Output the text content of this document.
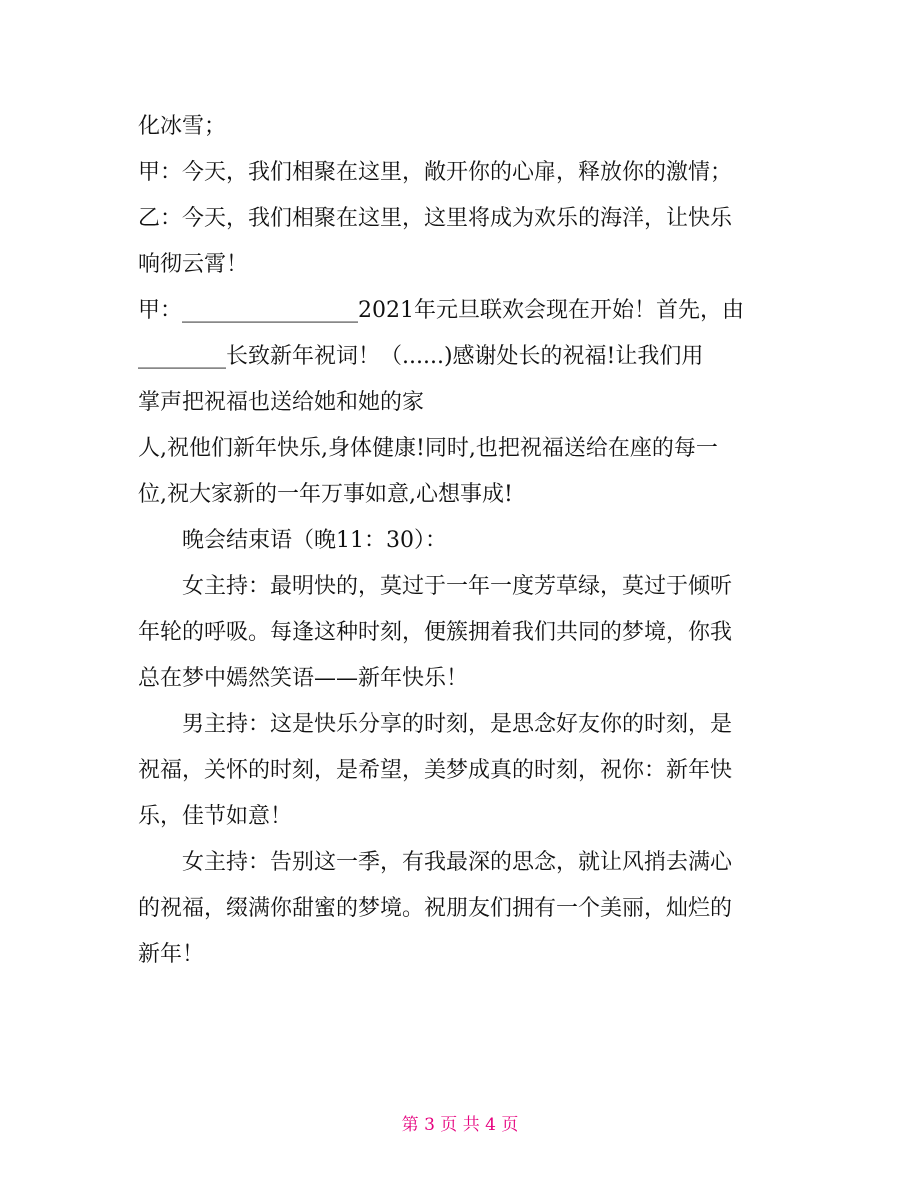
化冰雪；
甲：今天，我们相聚在这里，敞开你的心扉，释放你的激情；
乙：今天，我们相聚在这里，这里将成为欢乐的海洋，让快乐
响彻云霄！
甲：________________2021年元旦联欢会现在开始！首先，由
________长致新年祝词！（......)感谢处长的祝福!让我们用
掌声把祝福也送给她和她的家
人,祝他们新年快乐,身体健康!同时,也把祝福送给在座的每一
位,祝大家新的一年万事如意,心想事成!
晚会结束语（晚11：30）：
女主持：最明快的，莫过于一年一度芳草绿，莫过于倾听
年轮的呼吸。每逢这种时刻，便簇拥着我们共同的梦境，你我
总在梦中嫣然笑语——新年快乐！
男主持：这是快乐分享的时刻，是思念好友你的时刻，是
祝福，关怀的时刻，是希望，美梦成真的时刻，祝你：新年快
乐，佳节如意！
女主持：告别这一季，有我最深的思念，就让风捎去满心
的祝福，缀满你甜蜜的梦境。祝朋友们拥有一个美丽，灿烂的
新年！
第 3 页 共 4 页
